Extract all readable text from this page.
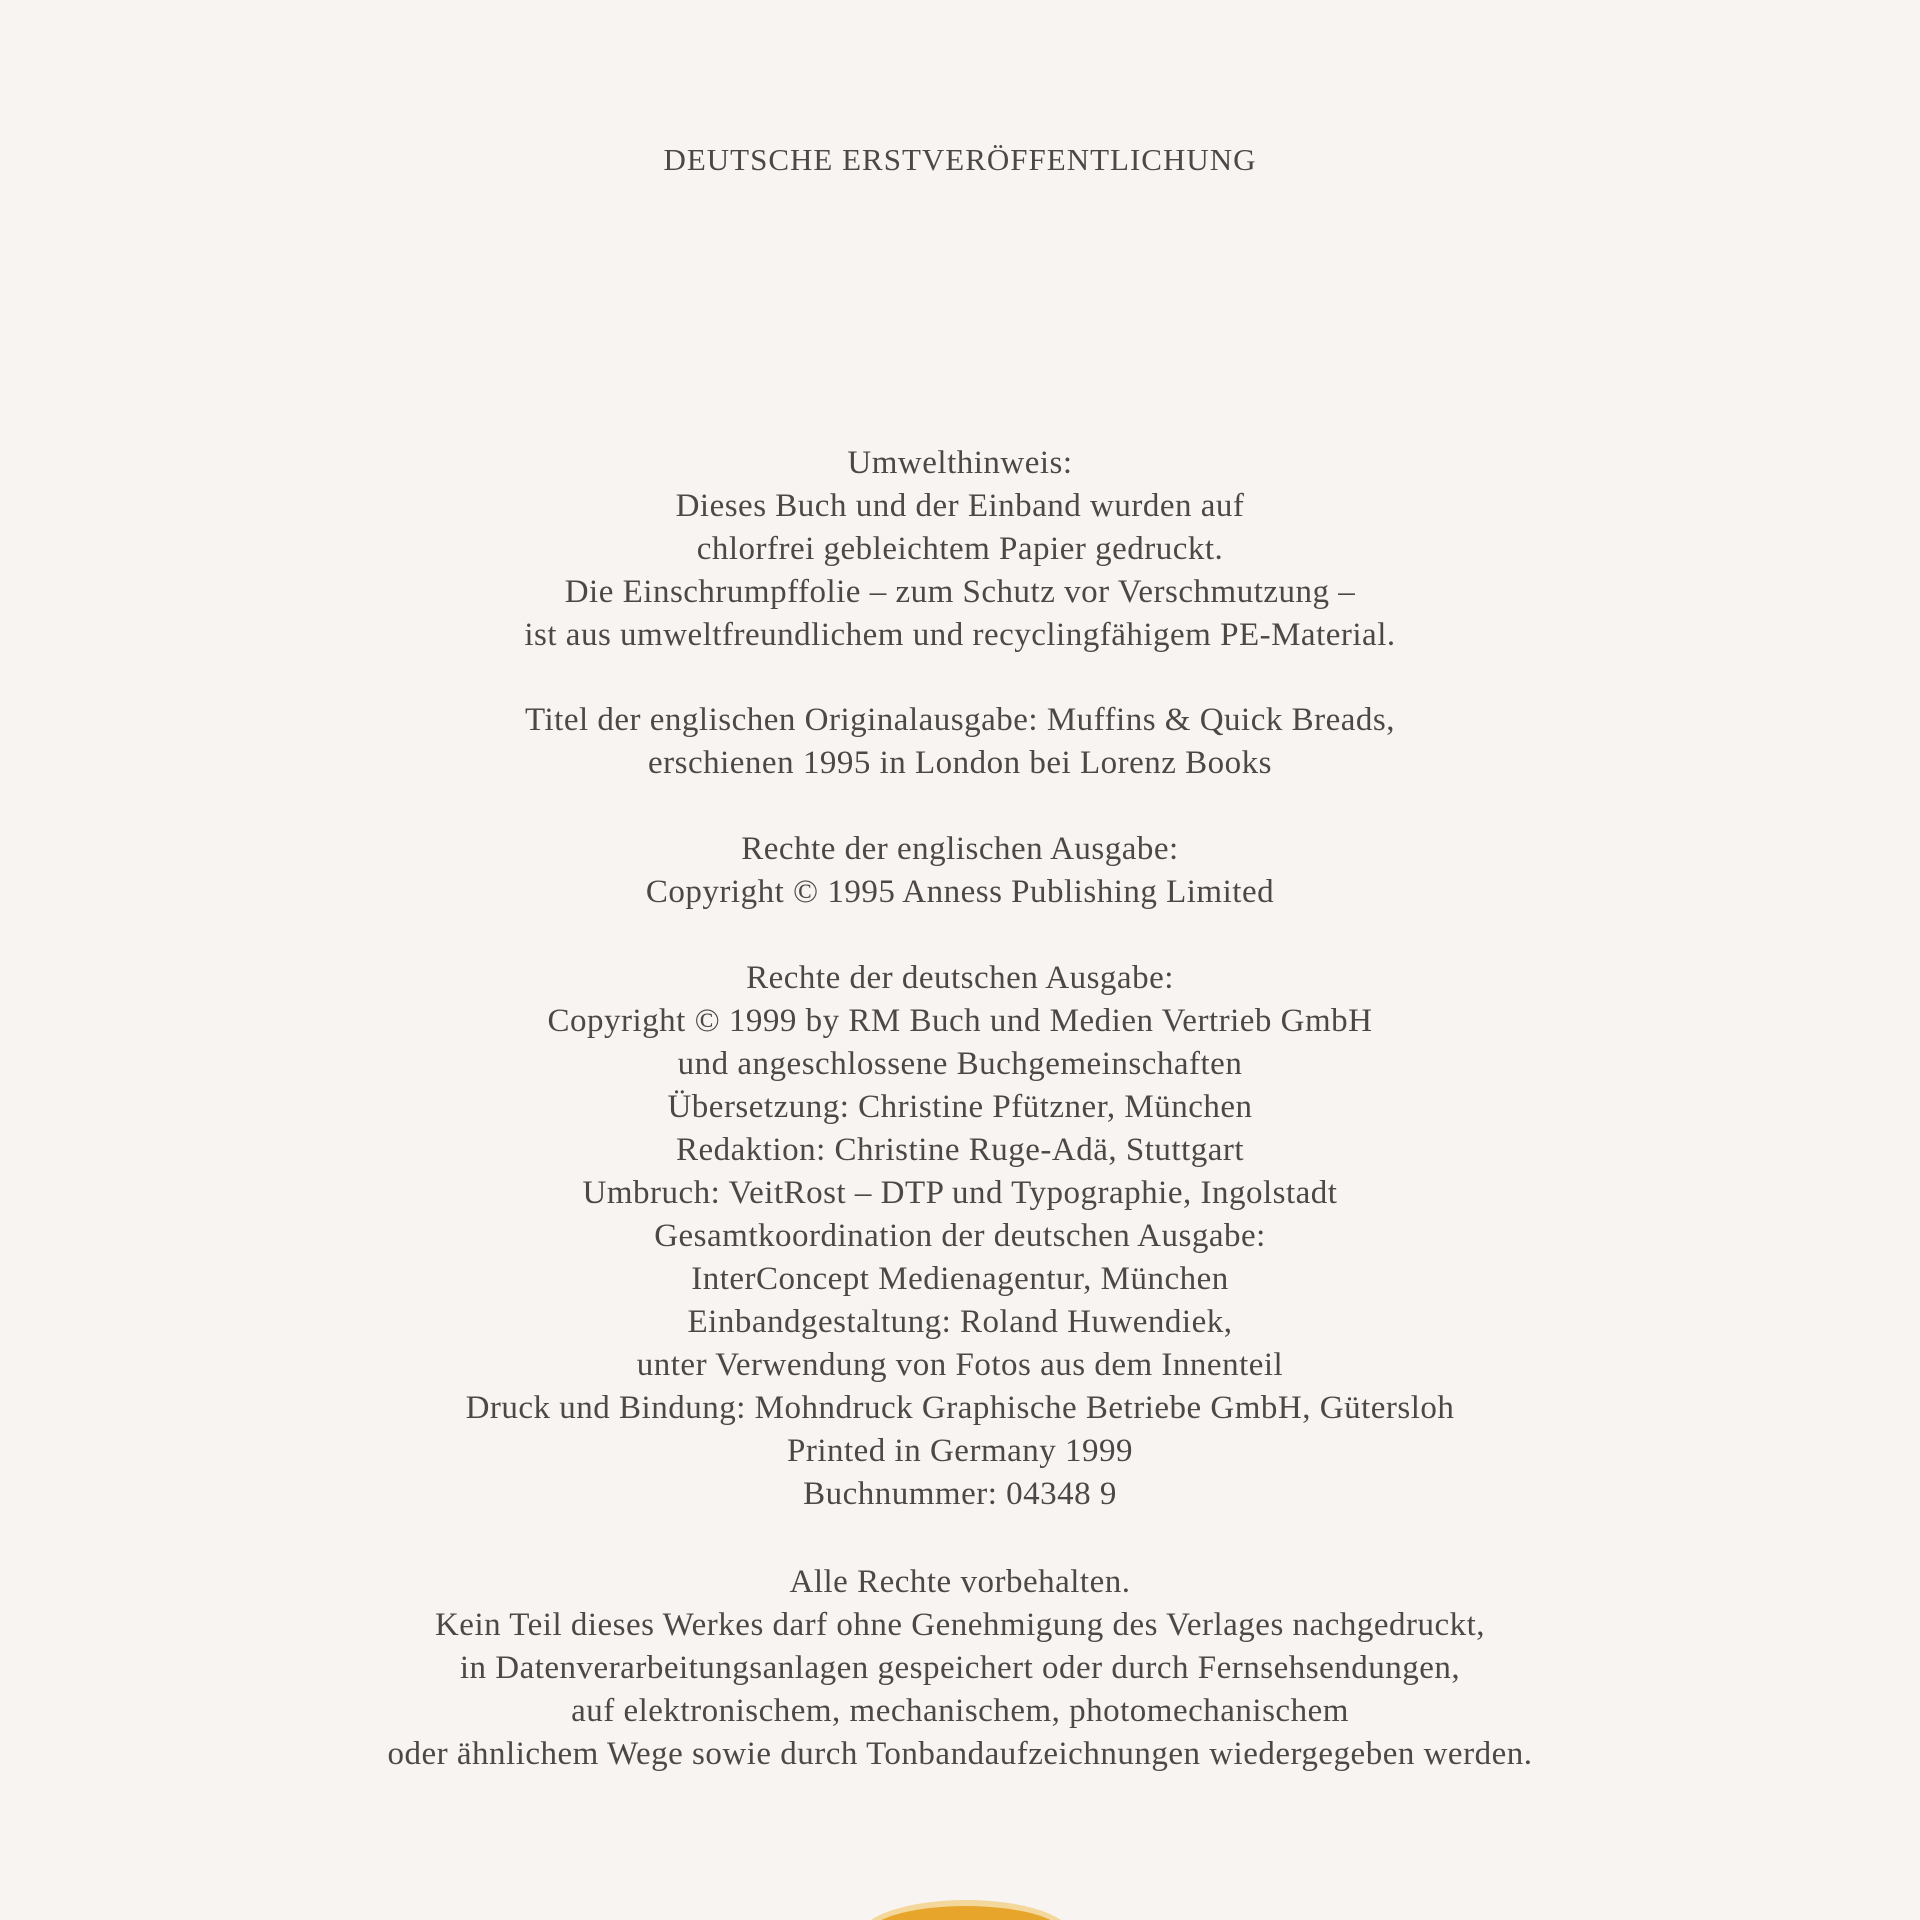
DEUTSCHE ERSTVERÖFFENTLICHUNG
Umwelthinweis:
Dieses Buch und der Einband wurden auf
chlorfrei gebleichtem Papier gedruckt.
Die Einschrumpffolie – zum Schutz vor Verschmutzung –
ist aus umweltfreundlichem und recyclingfähigem PE-Material.
Titel der englischen Originalausgabe: Muffins & Quick Breads,
erschienen 1995 in London bei Lorenz Books
Rechte der englischen Ausgabe:
Copyright © 1995 Anness Publishing Limited
Rechte der deutschen Ausgabe:
Copyright © 1999 by RM Buch und Medien Vertrieb GmbH
und angeschlossene Buchgemeinschaften
Übersetzung: Christine Pfützner, München
Redaktion: Christine Ruge-Adä, Stuttgart
Umbruch: VeitRost – DTP und Typographie, Ingolstadt
Gesamtkoordination der deutschen Ausgabe:
InterConcept Medienagentur, München
Einbandgestaltung: Roland Huwendiek,
unter Verwendung von Fotos aus dem Innenteil
Druck und Bindung: Mohndruck Graphische Betriebe GmbH, Gütersloh
Printed in Germany 1999
Buchnummer: 04348 9
Alle Rechte vorbehalten.
Kein Teil dieses Werkes darf ohne Genehmigung des Verlages nachgedruckt,
in Datenverarbeitungsanlagen gespeichert oder durch Fernsehsendungen,
auf elektronischem, mechanischem, photomechanischem
oder ähnlichem Wege sowie durch Tonbandaufzeichnungen wiedergegeben werden.
